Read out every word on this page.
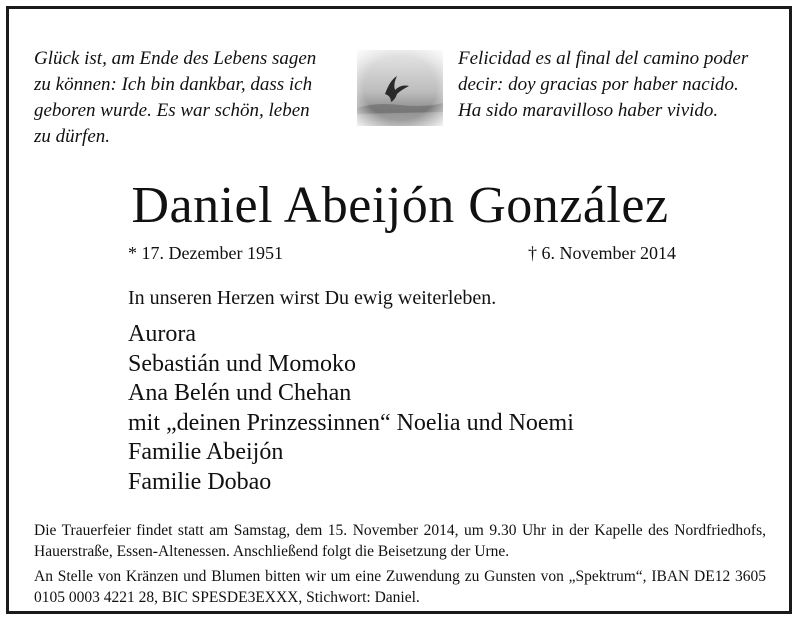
Glück ist, am Ende des Lebens sagen
zu können: Ich bin dankbar, dass ich
geboren wurde. Es war schön, leben
zu dürfen.

Felicidad es al final del camino poder
decir: doy gracias por haber nacido.
Ha sido maravilloso haber vivido.

Daniel Abeijón González
* 17. Dezember 1951	† 6. November 2014
In unseren Herzen wirst Du ewig weiterleben.
Aurora
Sebastián und Momoko
Ana Belén und Chehan
mit „deinen Prinzessinnen“ Noelia und Noemi
Familie Abeijón
Familie Dobao

Die Trauerfeier findet statt am Samstag, dem 15. November 2014, um 9.30 Uhr in der Kapelle des Nordfriedhofs, Hauerstraße, Essen-Altenessen. Anschließend folgt die Beisetzung der Urne.

An Stelle von Kränzen und Blumen bitten wir um eine Zuwendung zu Gunsten von „Spektrum“, IBAN DE12 3605 0105 0003 4221 28, BIC SPESDE3EXXX, Stichwort: Daniel.
